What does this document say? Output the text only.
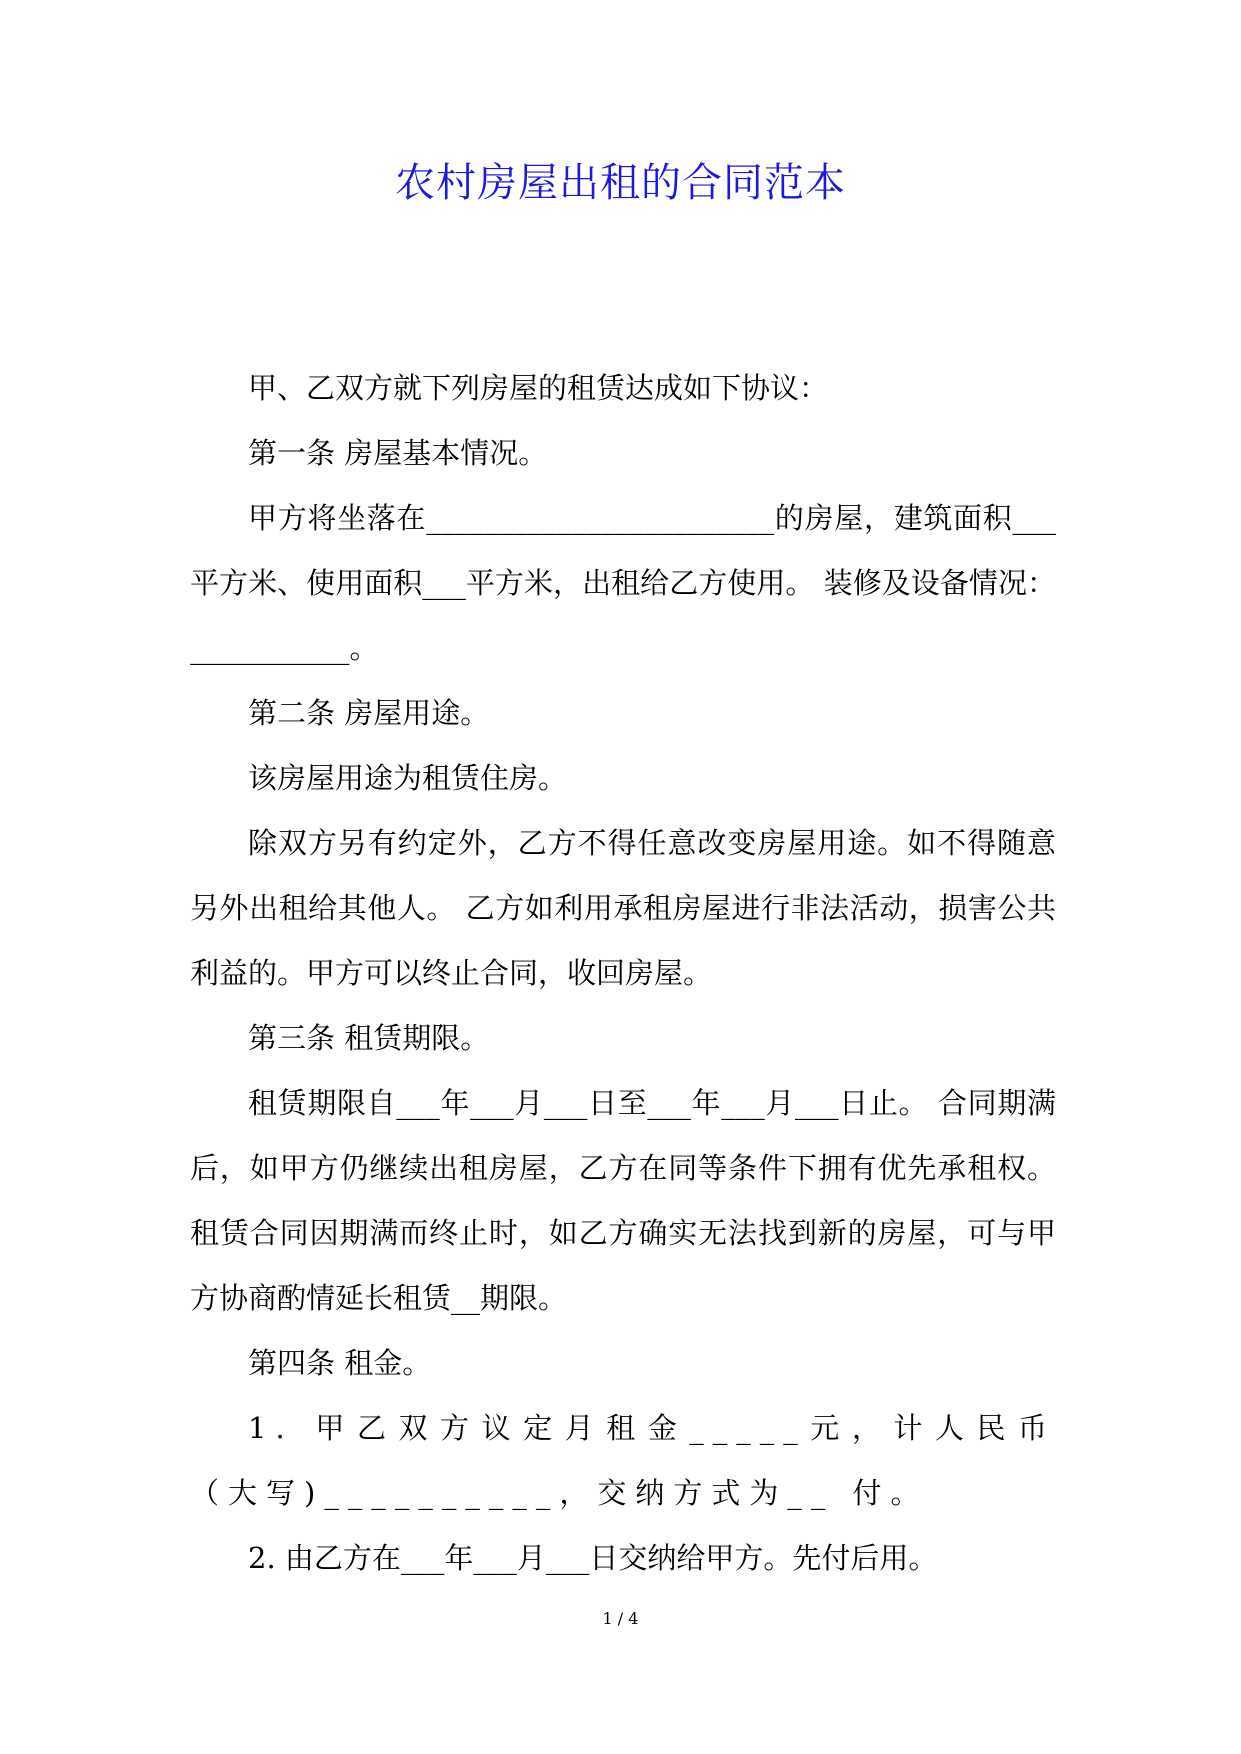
农村房屋出租的合同范本

甲、乙双方就下列房屋的租赁达成如下协议：

第一条 房屋基本情况。

甲方将坐落在________________________的房屋，建筑面积___平方米、使用面积___平方米，出租给乙方使用。 装修及设备情况：___________。

第二条 房屋用途。

该房屋用途为租赁住房。

除双方另有约定外，乙方不得任意改变房屋用途。如不得随意另外出租给其他人。 乙方如利用承租房屋进行非法活动，损害公共利益的。甲方可以终止合同，收回房屋。

第三条 租赁期限。

租赁期限自___年___月___日至___年___月___日止。 合同期满后，如甲方仍继续出租房屋，乙方在同等条件下拥有优先承租权。 租赁合同因期满而终止时，如乙方确实无法找到新的房屋，可与甲方协商酌情延长租赁__期限。

第四条 租金。

1. 甲乙双方议定月租金_____元，计人民币（大写)__________，交纳方式为__ 付。

2. 由乙方在___年___月___日交纳给甲方。先付后用。

1 / 4
